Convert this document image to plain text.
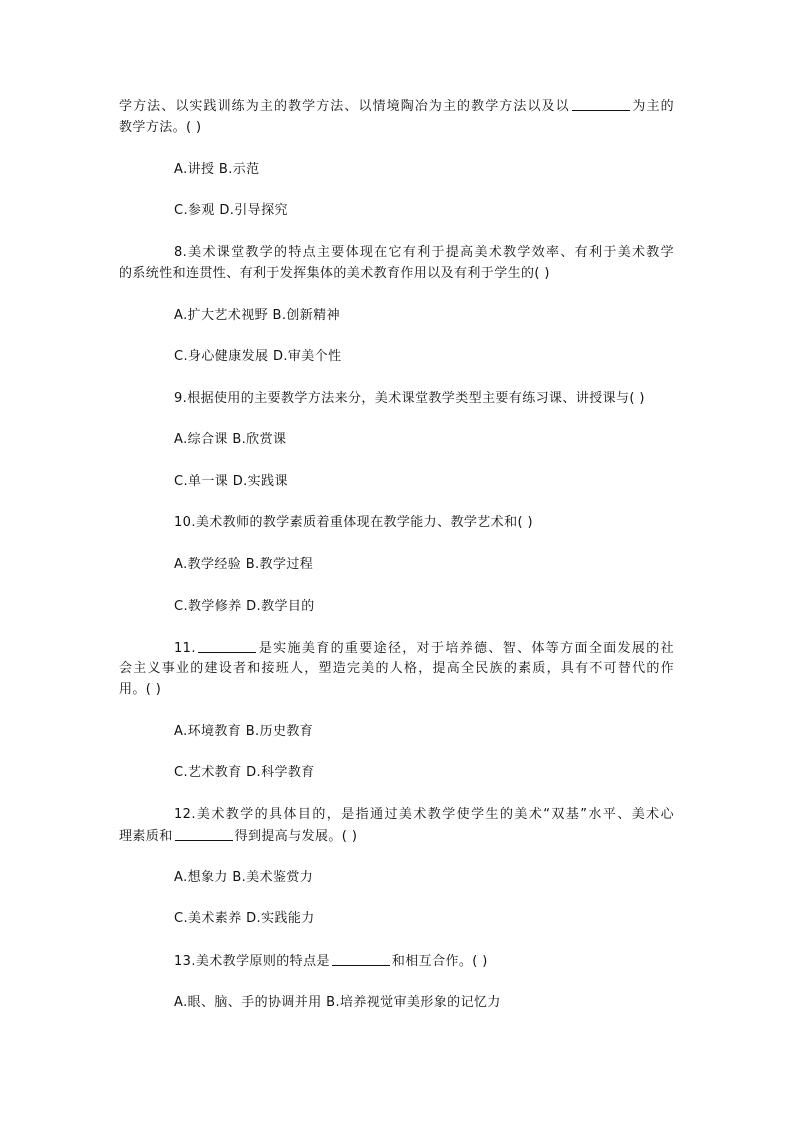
学方法、以实践训练为主的教学方法、以情境陶冶为主的教学方法以及以	为主的
教学方法。( )
A.讲授 B.示范
C.参观 D.引导探究
8.美术课堂教学的特点主要体现在它有利于提高美术教学效率、有利于美术教学
的系统性和连贯性、有利于发挥集体的美术教育作用以及有利于学生的( )
A.扩大艺术视野 B.创新精神
C.身心健康发展 D.审美个性
9.根据使用的主要教学方法来分，美术课堂教学类型主要有练习课、讲授课与( )
A.综合课 B.欣赏课
C.单一课 D.实践课
10.美术教师的教学素质着重体现在教学能力、教学艺术和( )
A.教学经验 B.教学过程
C.教学修养 D.教学目的
11.	是实施美育的重要途径，对于培养德、智、体等方面全面发展的社
会主义事业的建设者和接班人，塑造完美的人格，提高全民族的素质，具有不可替代的作
用。( )
A.环境教育 B.历史教育
C.艺术教育 D.科学教育
12.美术教学的具体目的，是指通过美术教学使学生的美术“双基”水平、美术心
理素质和	得到提高与发展。( )
A.想象力 B.美术鉴赏力
C.美术素养 D.实践能力
13.美术教学原则的特点是	和相互合作。( )
A.眼、脑、手的协调并用 B.培养视觉审美形象的记忆力
